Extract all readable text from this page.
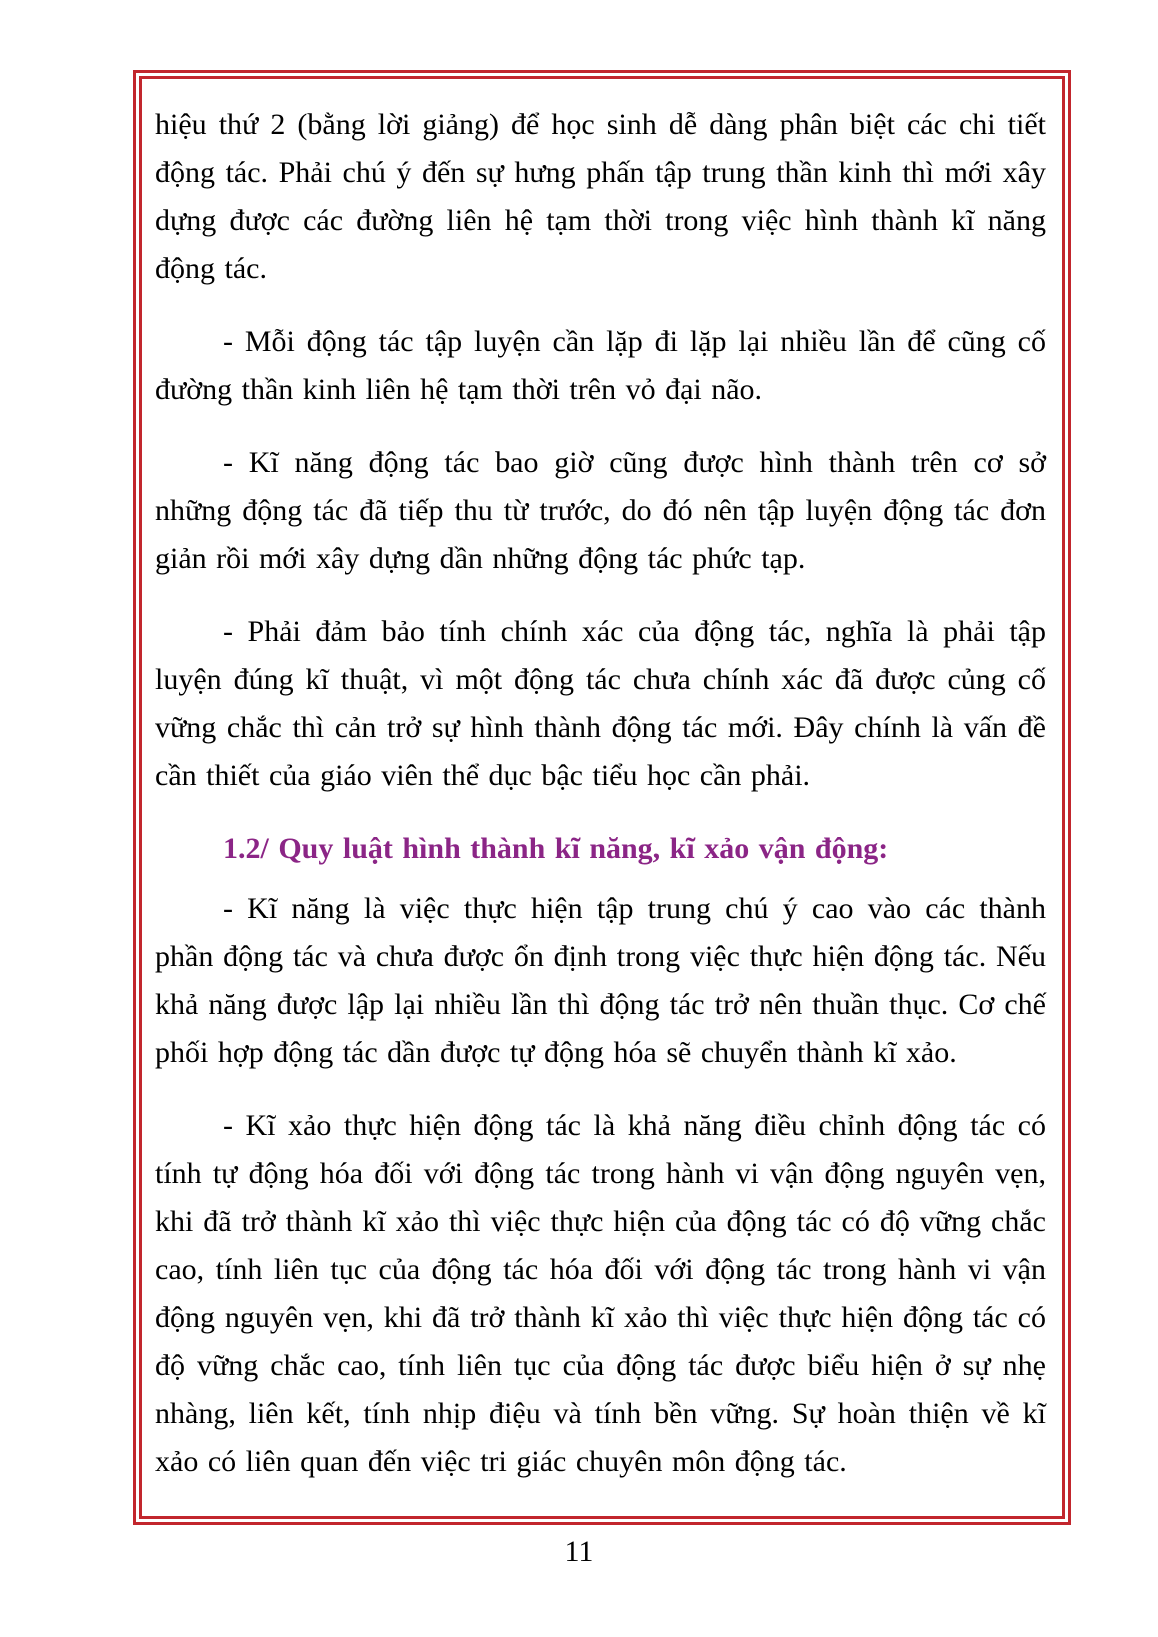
hiệu thứ 2 (bằng lời giảng) để học sinh dễ dàng phân biệt các chi tiết động tác. Phải chú ý đến sự hưng phấn tập trung thần kinh thì mới xây dựng được các đường liên hệ tạm thời trong việc hình thành kĩ năng động tác.

- Mỗi động tác tập luyện cần lặp đi lặp lại nhiều lần để cũng cố đường thần kinh liên hệ tạm thời trên vỏ đại não.

- Kĩ năng động tác bao giờ cũng được hình thành trên cơ sở những động tác đã tiếp thu từ trước, do đó nên tập luyện động tác đơn giản rồi mới xây dựng dần những động tác phức tạp.

- Phải đảm bảo tính chính xác của động tác, nghĩa là phải tập luyện đúng kĩ thuật, vì một động tác chưa chính xác đã được củng cố vững chắc thì cản trở sự hình thành động tác mới. Đây chính là vấn đề cần thiết của giáo viên thể dục bậc tiểu học cần phải.

1.2/ Quy luật hình thành kĩ năng, kĩ xảo vận động:

- Kĩ năng là việc thực hiện tập trung chú ý cao vào các thành phần động tác và chưa được ổn định trong việc thực hiện động tác. Nếu khả năng được lập lại nhiều lần thì động tác trở nên thuần thục. Cơ chế phối hợp động tác dần được tự động hóa sẽ chuyển thành kĩ xảo.

- Kĩ xảo thực hiện động tác là khả năng điều chỉnh động tác có tính tự động hóa đối với động tác trong hành vi vận động nguyên vẹn, khi đã trở thành kĩ xảo thì việc thực hiện của động tác có độ vững chắc cao, tính liên tục của động tác hóa đối với động tác trong hành vi vận động nguyên vẹn, khi đã trở thành kĩ xảo thì việc thực hiện động tác có độ vững chắc cao, tính liên tục của động tác được biểu hiện ở sự nhẹ nhàng, liên kết, tính nhịp điệu và tính bền vững. Sự hoàn thiện về kĩ xảo có liên quan đến việc tri giác chuyên môn động tác.

11
